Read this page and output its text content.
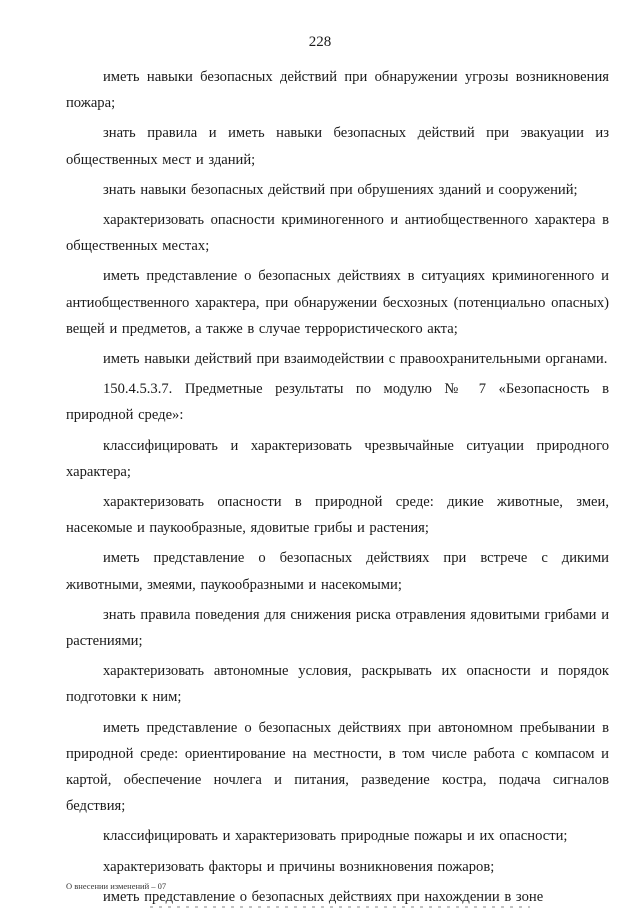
228

иметь навыки безопасных действий при обнаружении угрозы возникновения пожара;

знать правила и иметь навыки безопасных действий при эвакуации из общественных мест и зданий;

знать навыки безопасных действий при обрушениях зданий и сооружений;

характеризовать опасности криминогенного и антиобщественного характера в общественных местах;

иметь представление о безопасных действиях в ситуациях криминогенного и антиобщественного характера, при обнаружении бесхозных (потенциально опасных) вещей и предметов, а также в случае террористического акта;

иметь навыки действий при взаимодействии с правоохранительными органами.

150.4.5.3.7. Предметные результаты по модулю № 7 «Безопасность в природной среде»:

классифицировать и характеризовать чрезвычайные ситуации природного характера;

характеризовать опасности в природной среде: дикие животные, змеи, насекомые и паукообразные, ядовитые грибы и растения;

иметь представление о безопасных действиях при встрече с дикими животными, змеями, паукообразными и насекомыми;

знать правила поведения для снижения риска отравления ядовитыми грибами и растениями;

характеризовать автономные условия, раскрывать их опасности и порядок подготовки к ним;

иметь представление о безопасных действиях при автономном пребывании в природной среде: ориентирование на местности, в том числе работа с компасом и картой, обеспечение ночлега и питания, разведение костра, подача сигналов бедствия;

классифицировать и характеризовать природные пожары и их опасности;

характеризовать факторы и причины возникновения пожаров;

иметь представление о безопасных действиях при нахождении в зоне

О внесении изменений – 07
